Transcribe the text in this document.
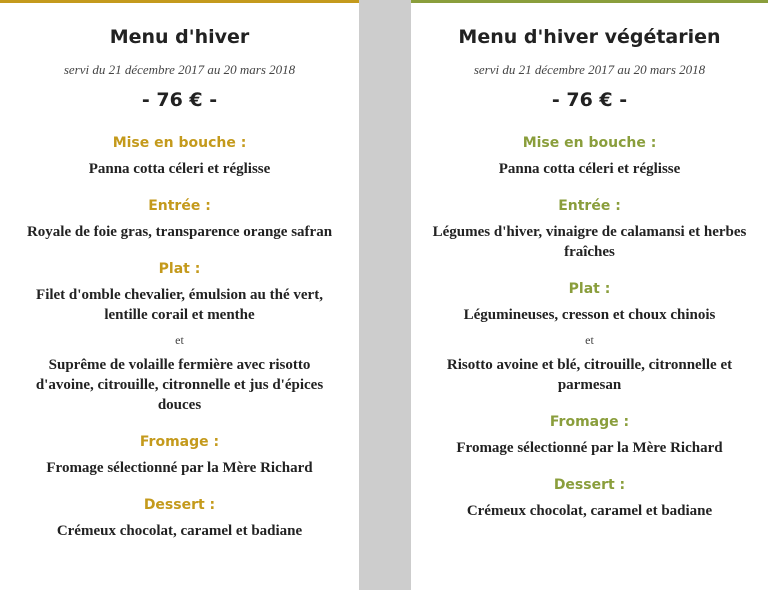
Menu d'hiver
servi du 21 décembre 2017 au 20 mars 2018
- 76 € -
Mise en bouche :
Panna cotta céleri et réglisse
Entrée :
Royale de foie gras, transparence orange safran
Plat :
Filet d'omble chevalier, émulsion au thé vert, lentille corail et menthe
et
Suprême de volaille fermière avec risotto d'avoine, citrouille, citronnelle et jus d'épices douces
Fromage :
Fromage sélectionné par la Mère Richard
Dessert :
Crémeux chocolat, caramel et badiane
Menu d'hiver végétarien
servi du 21 décembre 2017 au 20 mars 2018
- 76 € -
Mise en bouche :
Panna cotta céleri et réglisse
Entrée :
Légumes d'hiver, vinaigre de calamansi et herbes fraîches
Plat :
Légumineuses, cresson et choux chinois
et
Risotto avoine et blé, citrouille, citronnelle et parmesan
Fromage :
Fromage sélectionné par la Mère Richard
Dessert :
Crémeux chocolat, caramel et badiane
